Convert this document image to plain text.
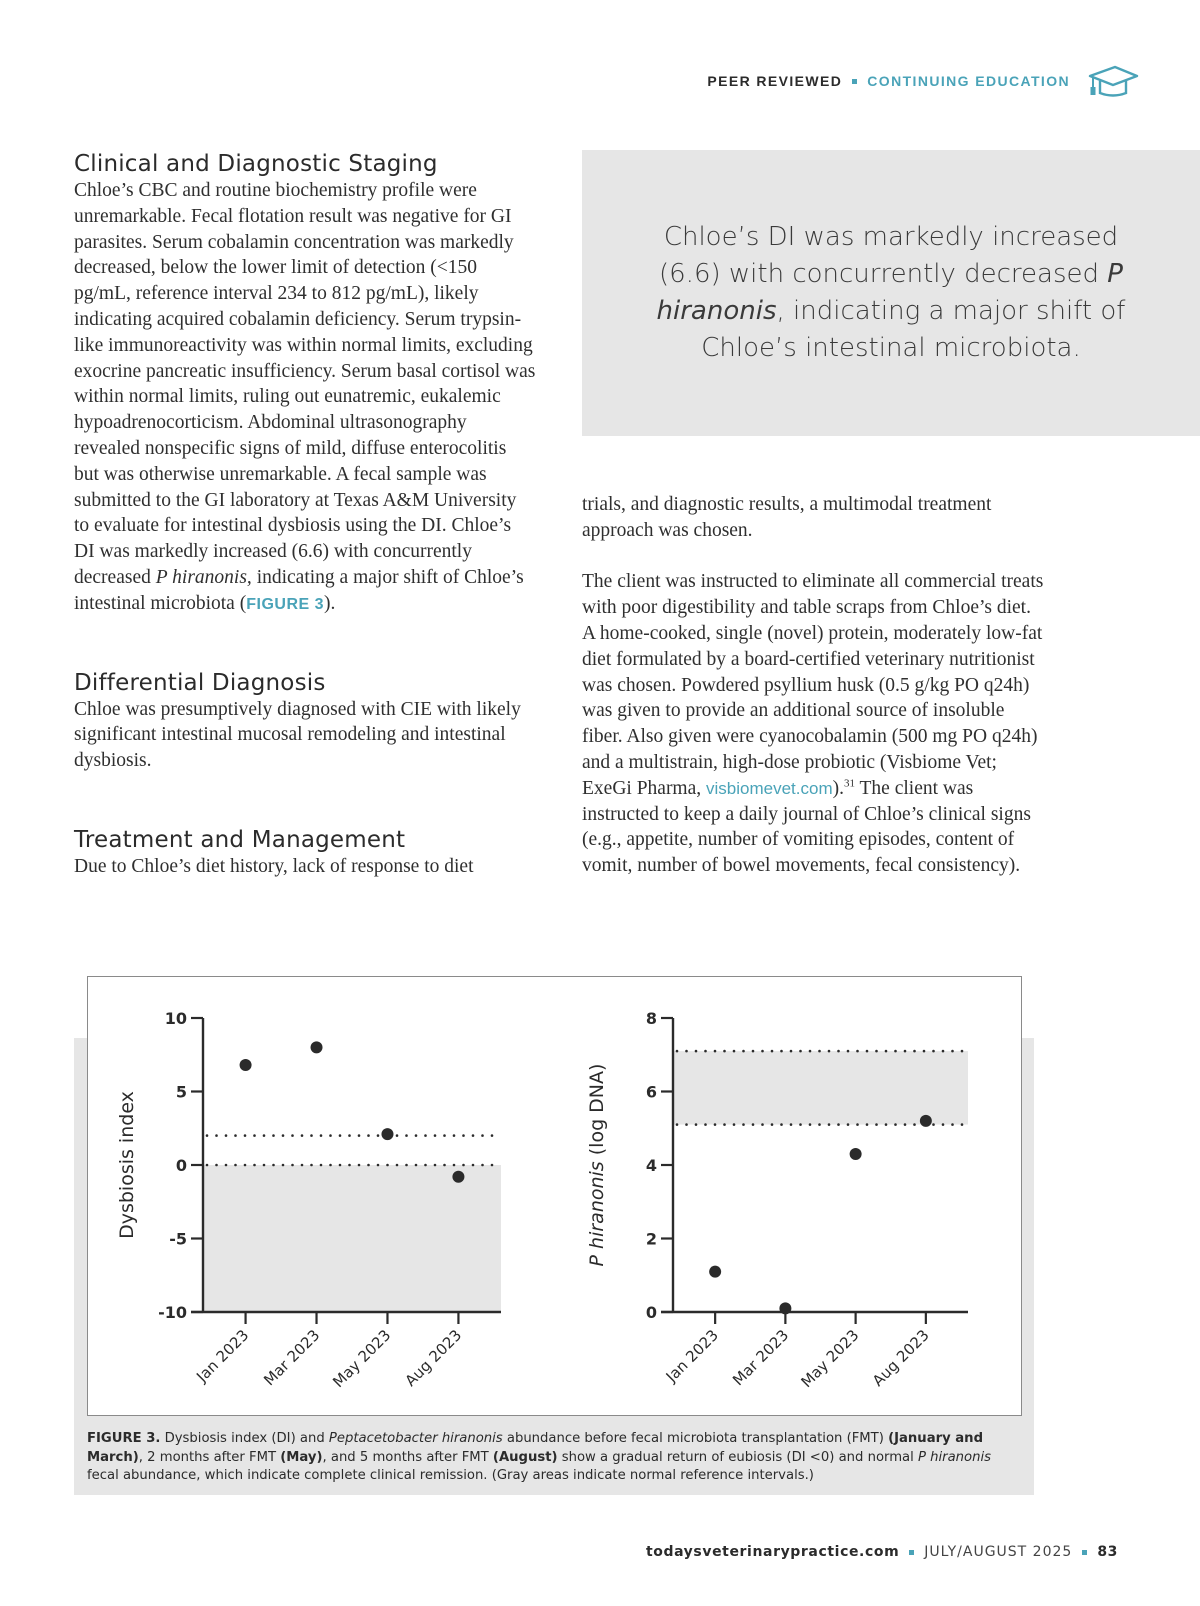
PEER REVIEWED CONTINUING EDUCATION
Clinical and Diagnostic Staging

Chloe’s CBC and routine biochemistry profile were unremarkable. Fecal flotation result was negative for GI parasites. Serum cobalamin concentration was markedly decreased, below the lower limit of detection (<150 pg/mL, reference interval 234 to 812 pg/mL), likely indicating acquired cobalamin deficiency. Serum trypsin-like immunoreactivity was within normal limits, excluding exocrine pancreatic insufficiency. Serum basal cortisol was within normal limits, ruling out eunatremic, eukalemic hypoadrenocorticism. Abdominal ultrasonography revealed nonspecific signs of mild, diffuse enterocolitis but was otherwise unremarkable. A fecal sample was submitted to the GI laboratory at Texas A&M University to evaluate for intestinal dysbiosis using the DI. Chloe’s DI was markedly increased (6.6) with concurrently decreased P hiranonis, indicating a major shift of Chloe’s intestinal microbiota (FIGURE 3).

Differential Diagnosis

Chloe was presumptively diagnosed with CIE with likely significant intestinal mucosal remodeling and intestinal dysbiosis.

Treatment and Management

Due to Chloe’s diet history, lack of response to diet

Chloe’s DI was markedly increased (6.6) with concurrently decreased P hiranonis, indicating a major shift of Chloe’s intestinal microbiota.

trials, and diagnostic results, a multimodal treatment approach was chosen.

The client was instructed to eliminate all commercial treats with poor digestibility and table scraps from Chloe’s diet. A home-cooked, single (novel) protein, moderately low-fat diet formulated by a board-certified veterinary nutritionist was chosen. Powdered psyllium husk (0.5 g/kg PO q24h) was given to provide an additional source of insoluble fiber. Also given were cyanocobalamin (500 mg PO q24h) and a multistrain, high-dose probiotic (Visbiome Vet; ExeGi Pharma, visbiomevet.com).$^{31}$ The client was instructed to keep a daily journal of Chloe’s clinical signs (e.g., appetite, number of vomiting episodes, content of vomit, number of bowel movements, fecal consistency).

10
5
0
-5
-10
Jan 2023 Mar 2023 May 2023 Aug 2023
Dysbiosis index
8
6
4
2
0
Jan 2023 Mar 2023 May 2023 Aug 2023
P hiranonis (log DNA)
FIGURE 3. Dysbiosis index (DI) and Peptacetobacter hiranonis abundance before fecal microbiota transplantation (FMT) (January and March), 2 months after FMT (May), and 5 months after FMT (August) show a gradual return of eubiosis (DI <0) and normal P hiranonis fecal abundance, which indicate complete clinical remission. (Gray areas indicate normal reference intervals.)
todaysveterinarypractice.com JULY/AUGUST 2025 83
